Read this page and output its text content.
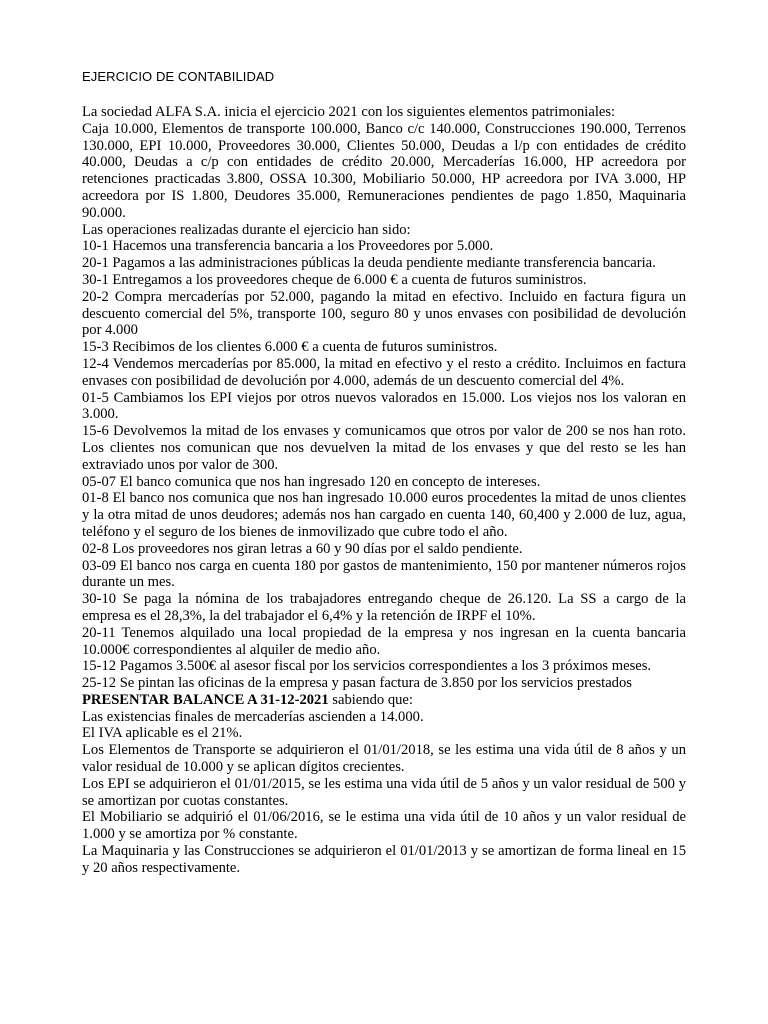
EJERCICIO DE CONTABILIDAD

La sociedad ALFA S.A. inicia el ejercicio 2021 con los siguientes elementos patrimoniales:

Caja 10.000, Elementos de transporte 100.000, Banco c/c 140.000, Construcciones 190.000, Terrenos 130.000, EPI 10.000, Proveedores 30.000, Clientes 50.000, Deudas a l/p con entidades de crédito 40.000, Deudas a c/p con entidades de crédito 20.000, Mercaderías 16.000, HP acreedora por retenciones practicadas 3.800, OSSA 10.300, Mobiliario 50.000, HP acreedora por IVA 3.000, HP acreedora por IS 1.800, Deudores 35.000, Remuneraciones pendientes de pago 1.850, Maquinaria 90.000.

Las operaciones realizadas durante el ejercicio han sido:

10-1 Hacemos una transferencia bancaria a los Proveedores por 5.000.

20-1 Pagamos a las administraciones públicas la deuda pendiente mediante transferencia bancaria.

30-1 Entregamos a los proveedores cheque de 6.000 € a cuenta de futuros suministros.

20-2 Compra mercaderías por 52.000, pagando la mitad en efectivo. Incluido en factura figura un descuento comercial del 5%, transporte 100, seguro 80 y unos envases con posibilidad de devolución por 4.000

15-3 Recibimos de los clientes 6.000 € a cuenta de futuros suministros.

12-4 Vendemos mercaderías por 85.000, la mitad en efectivo y el resto a crédito. Incluimos en factura envases con posibilidad de devolución por 4.000, además de un descuento comercial del 4%.

01-5 Cambiamos los EPI viejos por otros nuevos valorados en 15.000. Los viejos nos los valoran en 3.000.

15-6 Devolvemos la mitad de los envases y comunicamos que otros por valor de 200 se nos han roto. Los clientes nos comunican que nos devuelven la mitad de los envases y que del resto se les han extraviado unos por valor de 300.

05-07 El banco comunica que nos han ingresado 120 en concepto de intereses.

01-8 El banco nos comunica que nos han ingresado 10.000 euros procedentes la mitad de unos clientes y la otra mitad de unos deudores; además nos han cargado en cuenta 140, 60,400 y 2.000 de luz, agua, teléfono y el seguro de los bienes de inmovilizado que cubre todo el año.

02-8 Los proveedores nos giran letras a 60 y 90 días por el saldo pendiente.

03-09 El banco nos carga en cuenta 180 por gastos de mantenimiento, 150 por mantener números rojos durante un mes.

30-10 Se paga la nómina de los trabajadores entregando cheque de 26.120. La SS a cargo de la empresa es el 28,3%, la del trabajador el 6,4% y la retención de IRPF el 10%.

20-11 Tenemos alquilado una local propiedad de la empresa y nos ingresan en la cuenta bancaria 10.000€ correspondientes al alquiler de medio año.

15-12 Pagamos 3.500€ al asesor fiscal por los servicios correspondientes a los 3 próximos meses.

25-12 Se pintan las oficinas de la empresa y pasan factura de 3.850 por los servicios prestados

PRESENTAR BALANCE A 31-12-2021 sabiendo que:

Las existencias finales de mercaderías ascienden a 14.000.

El IVA aplicable es el 21%.

Los Elementos de Transporte se adquirieron el 01/01/2018, se les estima una vida útil de 8 años y un valor residual de 10.000 y se aplican dígitos crecientes.

Los EPI se adquirieron el 01/01/2015, se les estima una vida útil de 5 años y un valor residual de 500 y se amortizan por cuotas constantes.

El Mobiliario se adquirió el 01/06/2016, se le estima una vida útil de 10 años y un valor residual de 1.000 y se amortiza por % constante.

La Maquinaria y las Construcciones se adquirieron el 01/01/2013 y se amortizan de forma lineal en 15 y 20 años respectivamente.
